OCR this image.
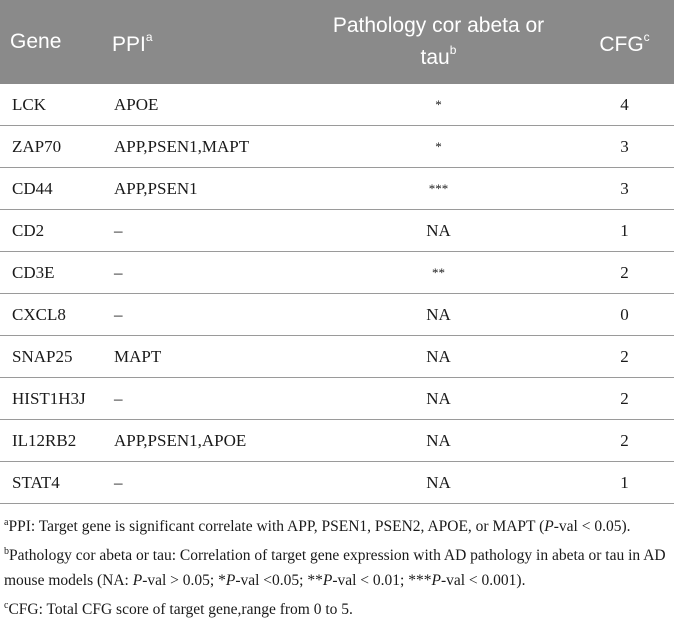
Gene	PPI$^a$	Pathology cor abeta or tau$^b$	CFG$^c$
LCK	APOE	*	4
ZAP70	APP,PSEN1,MAPT	*	3
CD44	APP,PSEN1	***	3
CD2	–	NA	1
CD3E	–	**	2
CXCL8	–	NA	0
SNAP25	MAPT	NA	2
HIST1H3J	–	NA	2
IL12RB2	APP,PSEN1,APOE	NA	2
STAT4	–	NA	1
$^a$PPI: Target gene is significant correlate with APP, PSEN1, PSEN2, APOE, or MAPT (P-val < 0.05).
$^b$Pathology cor abeta or tau: Correlation of target gene expression with AD pathology in abeta or tau in AD mouse models (NA: P-val > 0.05; *P-val <0.05; **P-val < 0.01; ***P-val < 0.001).
$^c$CFG: Total CFG score of target gene,range from 0 to 5.
